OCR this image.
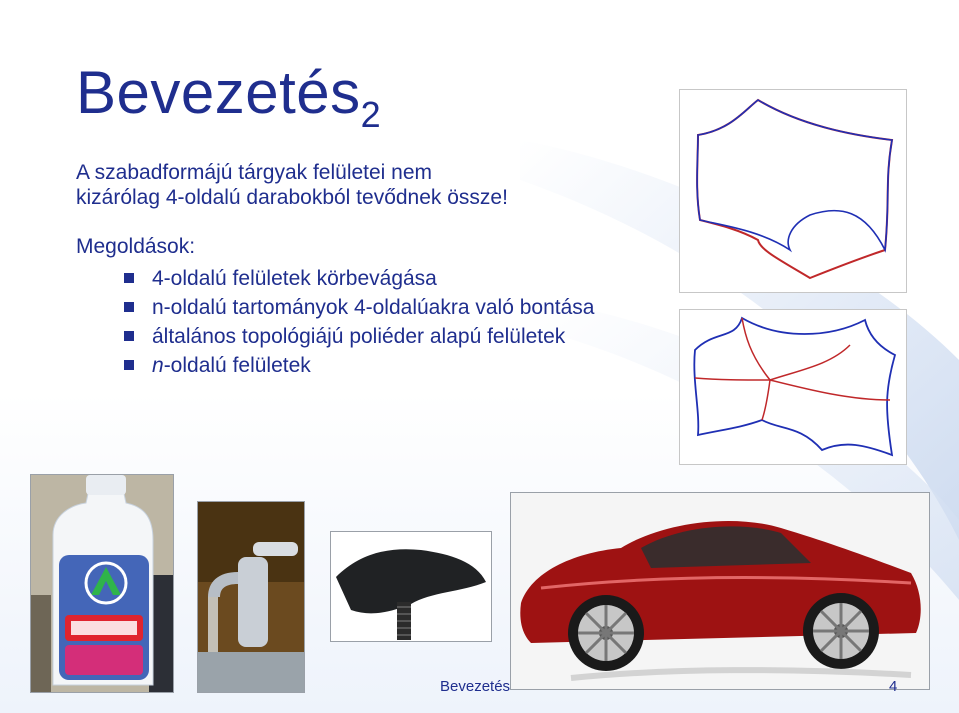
Bevezetés$_2$

A szabadformájú tárgyak felületei nem
kizárólag 4-oldalú darabokból tevődnek össze!

Megoldások:

4-oldalú felületek körbevágása
n-oldalú tartományok 4-oldalúakra való bontása
általános topológiájú poliéder alapú felületek
n-oldalú felületek
Bevezetés	4
